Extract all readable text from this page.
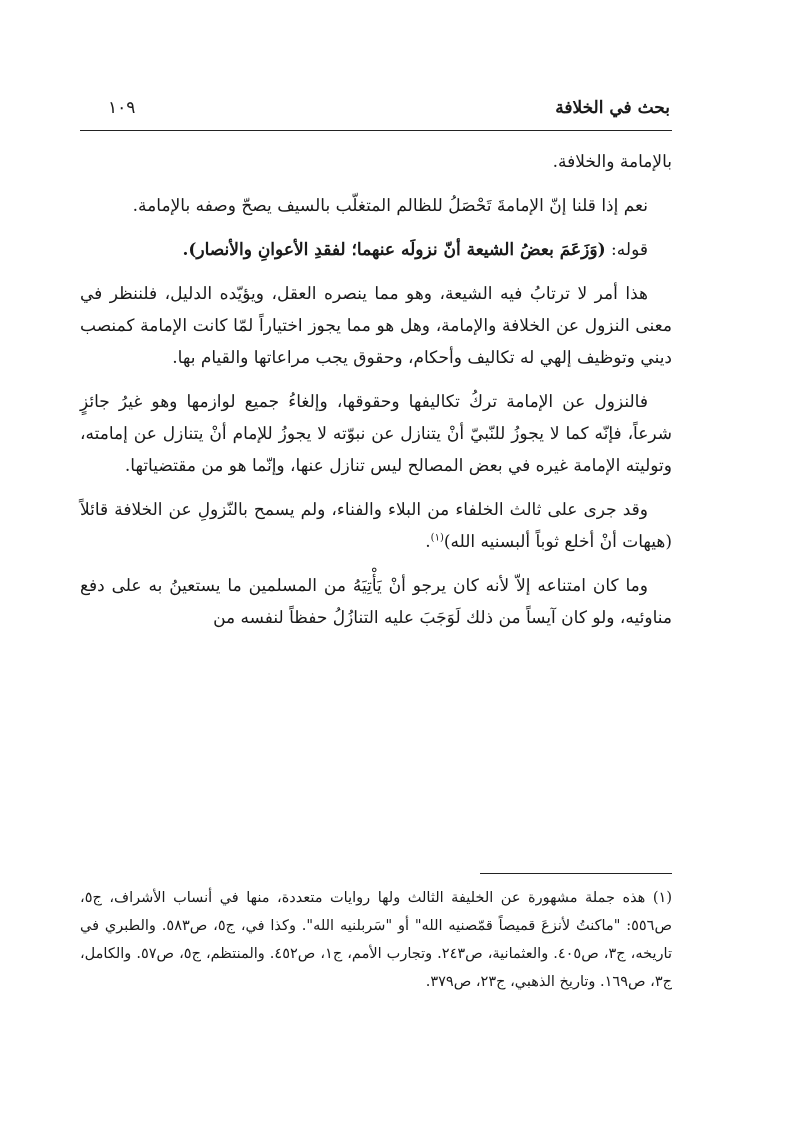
بحث في الخلافة
١٠٩

بالإمامة والخلافة.

نعم إذا قلنا إنّ الإمامةَ تَحْصَلُ للظالم المتغلّب بالسيف يصحّ وصفه بالإمامة.

قوله: (وَزَعَمَ بعضُ الشيعة أنّ نزولَه عنهما؛ لفقدِ الأعوانِ والأنصار).

هذا أمر لا ترتابُ فيه الشيعة، وهو مما ينصره العقل، ويؤيّده الدليل، فلننظر في معنى النزول عن الخلافة والإمامة، وهل هو مما يجوز اختياراً لمّا كانت الإمامة كمنصب ديني وتوظيف إلهي له تكاليف وأحكام، وحقوق يجب مراعاتها والقيام بها.

فالنزول عن الإمامة تركُ تكاليفها وحقوقها، وإلغاءُ جميع لوازمها وهو غيرُ جائزٍ شرعاً، فإنّه كما لا يجوزُ للنّبيّ أنْ يتنازل عن نبوّته لا يجوزُ للإمام أنْ يتنازل عن إمامته، وتوليته الإمامة غيره في بعض المصالح ليس تنازل عنها، وإنّما هو من مقتضياتها.

وقد جرى على ثالث الخلفاء من البلاء والفناء، ولم يسمح بالنّزولِ عن الخلافة قائلاً (هيهات أنْ أخلع ثوباً ألبسنيه الله)$^{(١)}$.

وما كان امتناعه إلاّ لأنه كان يرجو أنْ يَأْتِيَهُ من المسلمين ما يستعينُ به على دفع مناوئيه، ولو كان آيساً من ذلك لَوَجَبَ عليه التنازُلُ حفظاً لنفسه من

(١) هذه جملة مشهورة عن الخليفة الثالث ولها روايات متعددة، منها في أنساب الأشراف، ج٥، ص٥٥٦: "ماكنتُ لأنزعَ قميصاً قمّصنيه الله" أو "سَربلنيه الله". وكذا في، ج٥، ص٥٨٣. والطبري في تاريخه، ج٣، ص٤٠٥. والعثمانية، ص٢٤٣. وتجارب الأمم، ج١، ص٤٥٢. والمنتظم، ج٥، ص٥٧. والكامل، ج٣، ص١٦٩. وتاريخ الذهبي، ج٢٣، ص٣٧٩.
